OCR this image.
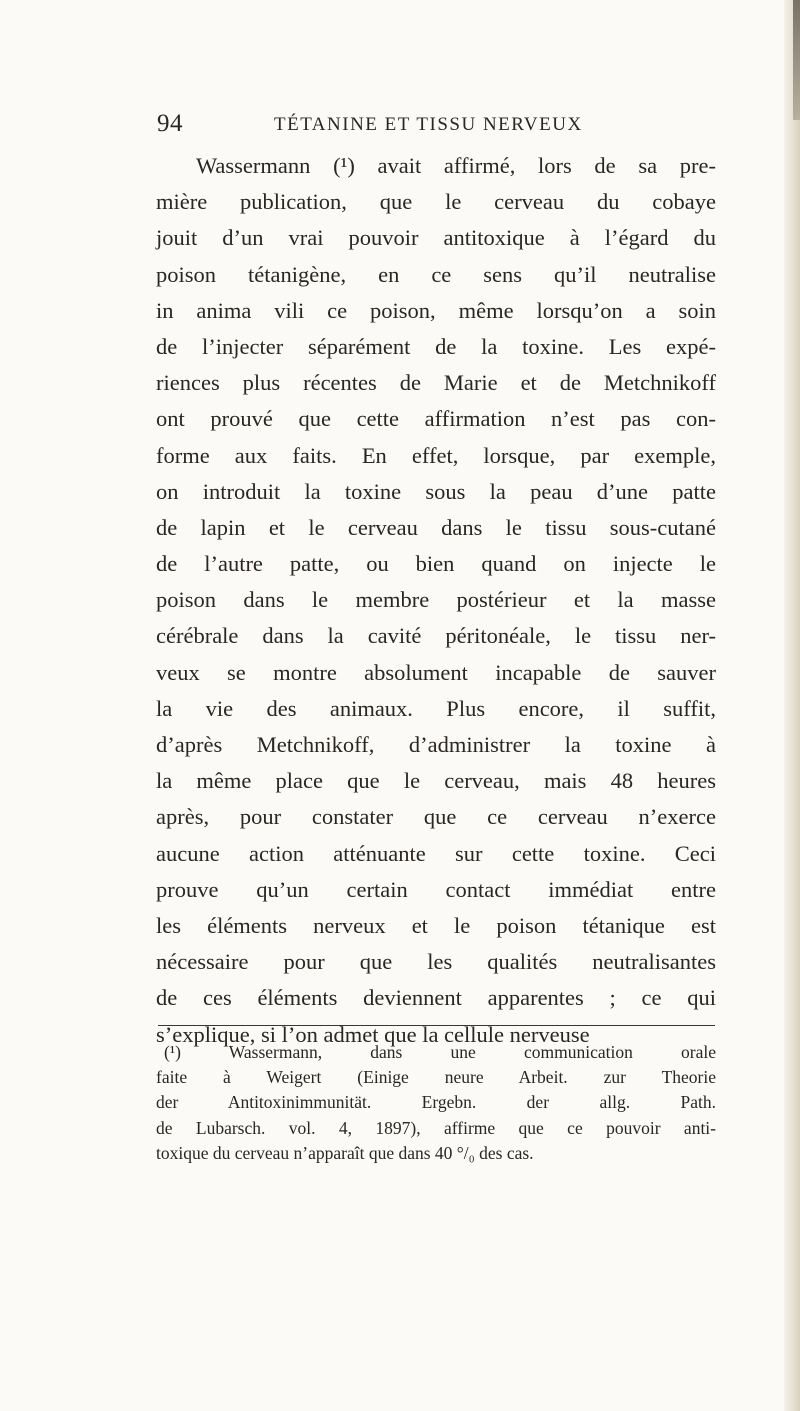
94	TÉTANINE ET TISSU NERVEUX
Wassermann (¹) avait affirmé, lors de sa pre-
mière publication, que le cerveau du cobaye
jouit d’un vrai pouvoir antitoxique à l’égard du
poison tétanigène, en ce sens qu’il neutralise
in anima vili ce poison, même lorsqu’on a soin
de l’injecter séparément de la toxine. Les expé-
riences plus récentes de Marie et de Metchnikoff
ont prouvé que cette affirmation n’est pas con-
forme aux faits. En effet, lorsque, par exemple,
on introduit la toxine sous la peau d’une patte
de lapin et le cerveau dans le tissu sous-cutané
de l’autre patte, ou bien quand on injecte le
poison dans le membre postérieur et la masse
cérébrale dans la cavité péritonéale, le tissu ner-
veux se montre absolument incapable de sauver
la vie des animaux. Plus encore, il suffit,
d’après Metchnikoff, d’administrer la toxine à
la même place que le cerveau, mais 48 heures
après, pour constater que ce cerveau n’exerce
aucune action atténuante sur cette toxine. Ceci
prouve qu’un certain contact immédiat entre
les éléments nerveux et le poison tétanique est
nécessaire pour que les qualités neutralisantes
de ces éléments deviennent apparentes ; ce qui
s’explique, si l’on admet que la cellule nerveuse
(¹) Wassermann, dans une communication orale
faite à Weigert (Einige neure Arbeit. zur Theorie
der Antitoxinimmunität. Ergebn. der allg. Path.
de Lubarsch. vol. 4, 1897), affirme que ce pouvoir anti-
toxique du cerveau n’apparaît que dans 40 °/₀ des cas.
